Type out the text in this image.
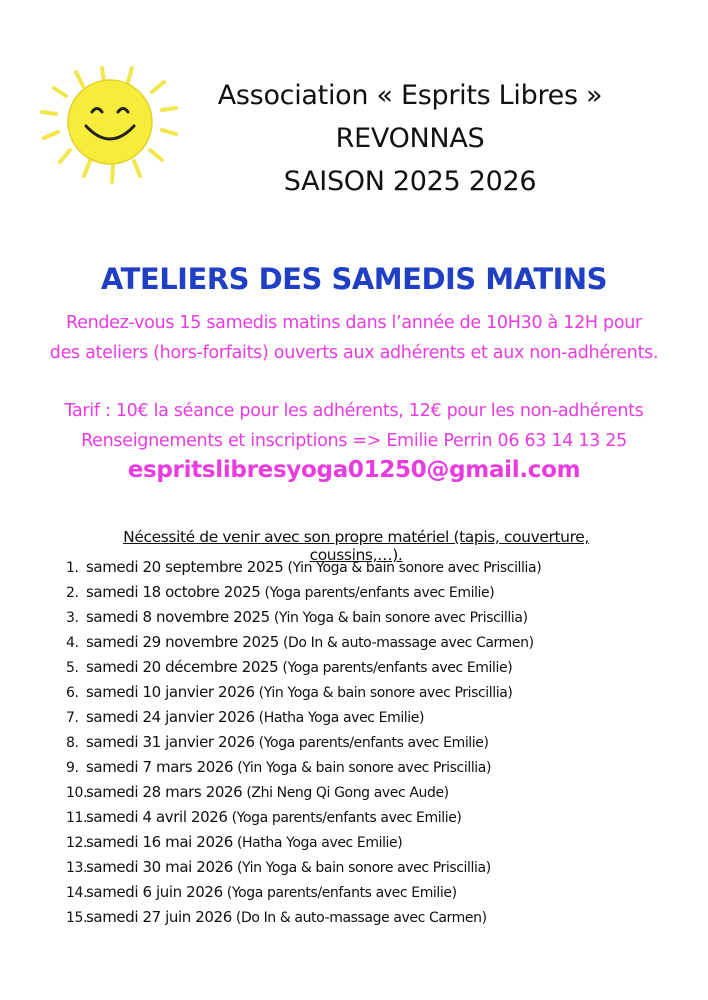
Association « Esprits Libres »
REVONNAS
SAISON 2025 2026
ATELIERS DES SAMEDIS MATINS
Rendez-vous 15 samedis matins dans l’année de 10H30 à 12H pour
des ateliers (hors-forfaits) ouverts aux adhérents et aux non-adhérents.
Tarif : 10€ la séance pour les adhérents, 12€ pour les non-adhérents
Renseignements et inscriptions => Emilie Perrin 06 63 14 13 25
espritslibresyoga01250@gmail.com
Nécessité de venir avec son propre matériel (tapis, couverture, coussins,…).
1. samedi 20 septembre 2025 (Yin Yoga & bain sonore avec Priscillia)
2. samedi 18 octobre 2025 (Yoga parents/enfants avec Emilie)
3. samedi 8 novembre 2025 (Yin Yoga & bain sonore avec Priscillia)
4. samedi 29 novembre 2025 (Do In & auto-massage avec Carmen)
5. samedi 20 décembre 2025 (Yoga parents/enfants avec Emilie)
6. samedi 10 janvier 2026 (Yin Yoga & bain sonore avec Priscillia)
7. samedi 24 janvier 2026 (Hatha Yoga avec Emilie)
8. samedi 31 janvier 2026 (Yoga parents/enfants avec Emilie)
9. samedi 7 mars 2026 (Yin Yoga & bain sonore avec Priscillia)
10.samedi 28 mars 2026 (Zhi Neng Qi Gong avec Aude)
11.samedi 4 avril 2026 (Yoga parents/enfants avec Emilie)
12.samedi 16 mai 2026 (Hatha Yoga avec Emilie)
13.samedi 30 mai 2026 (Yin Yoga & bain sonore avec Priscillia)
14.samedi 6 juin 2026 (Yoga parents/enfants avec Emilie)
15.samedi 27 juin 2026 (Do In & auto-massage avec Carmen)
